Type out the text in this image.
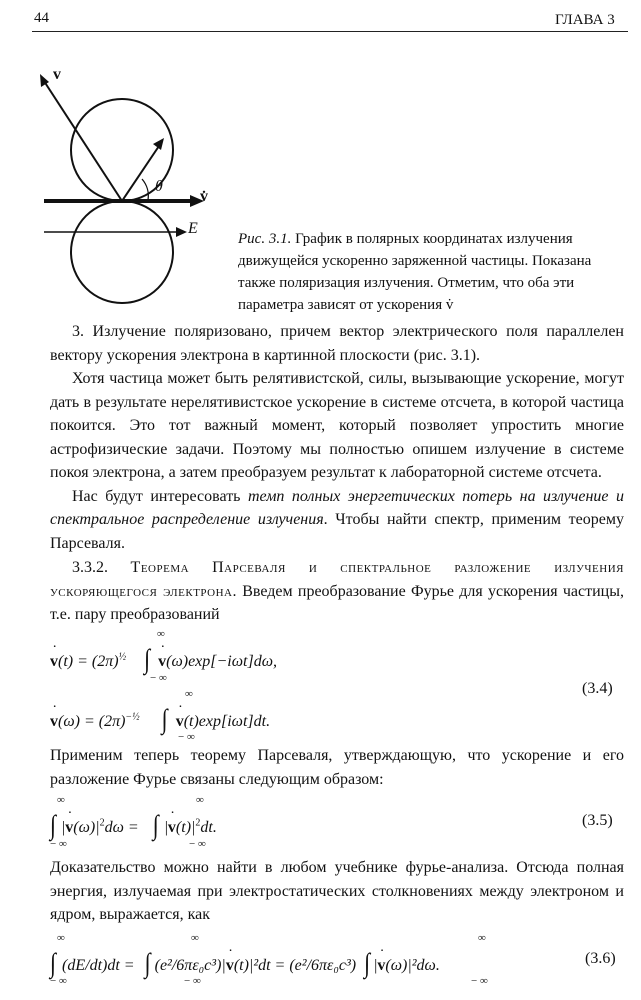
44	ГЛАВА 3
v
θ
v̇
E
Рис. 3.1. График в полярных координатах излучения движущейся ускоренно заряженной частицы. Показана также поляризация излучения. Отметим, что оба эти параметра зависят от ускорения v̇

3. Излучение поляризовано, причем вектор электрического поля параллелен вектору ускорения электрона в картинной плоскости (рис. 3.1).

Хотя частица может быть релятивистской, силы, вызывающие ускорение, могут дать в результате нерелятивистское ускорение в системе отсчета, в которой частица покоится. Это тот важный момент, который позволяет упростить многие астрофизические задачи. Поэтому мы полностью опишем излучение в системе покоя электрона, а затем преобразуем результат к лабораторной системе отсчета.

Нас будут интересовать темп полных энергетических потерь на излучение и спектральное распределение излучения. Чтобы найти спектр, применим теорему Парсеваля.

3.3.2. Теорема Парсеваля и спектральное разложение излучения ускоряющегося электрона. Введем преобразование Фурье для ускорения частицы, т.е. пару преобразований

˙ $v(t) = (2\pi)^{\frac{1}{2}}$ ∫ ˙ v(ω)exp[−iωt]dω,
∞
− ∞
˙ $v(\omega) = (2\pi)^{-\frac{1}{2}}$ ∫ ˙ v(t)exp[iωt]dt.
∞
− ∞
(3.4)

Применим теперь теорему Парсеваля, утверждающую, что ускорение и его разложение Фурье связаны следующим образом:

∫ |˙ $v(\omega)|^2d\omega$ = ∫ |˙ $v(t)|^2dt$.
∞
− ∞
∞
− ∞
(3.5)

Доказательство можно найти в любом учебнике фурье-анализа. Отсюда полная энергия, излучаемая при электростатических столкновениях между электроном и ядром, выражается, как

∫ (dE/dt)dt = ∫ (e²/6πε₀c³)|˙ v(t)|²dt = (e²/6πε₀c³) ∫ |˙ v(ω)|²dω.
∞
− ∞
∞
− ∞
∞
− ∞
(3.6)
